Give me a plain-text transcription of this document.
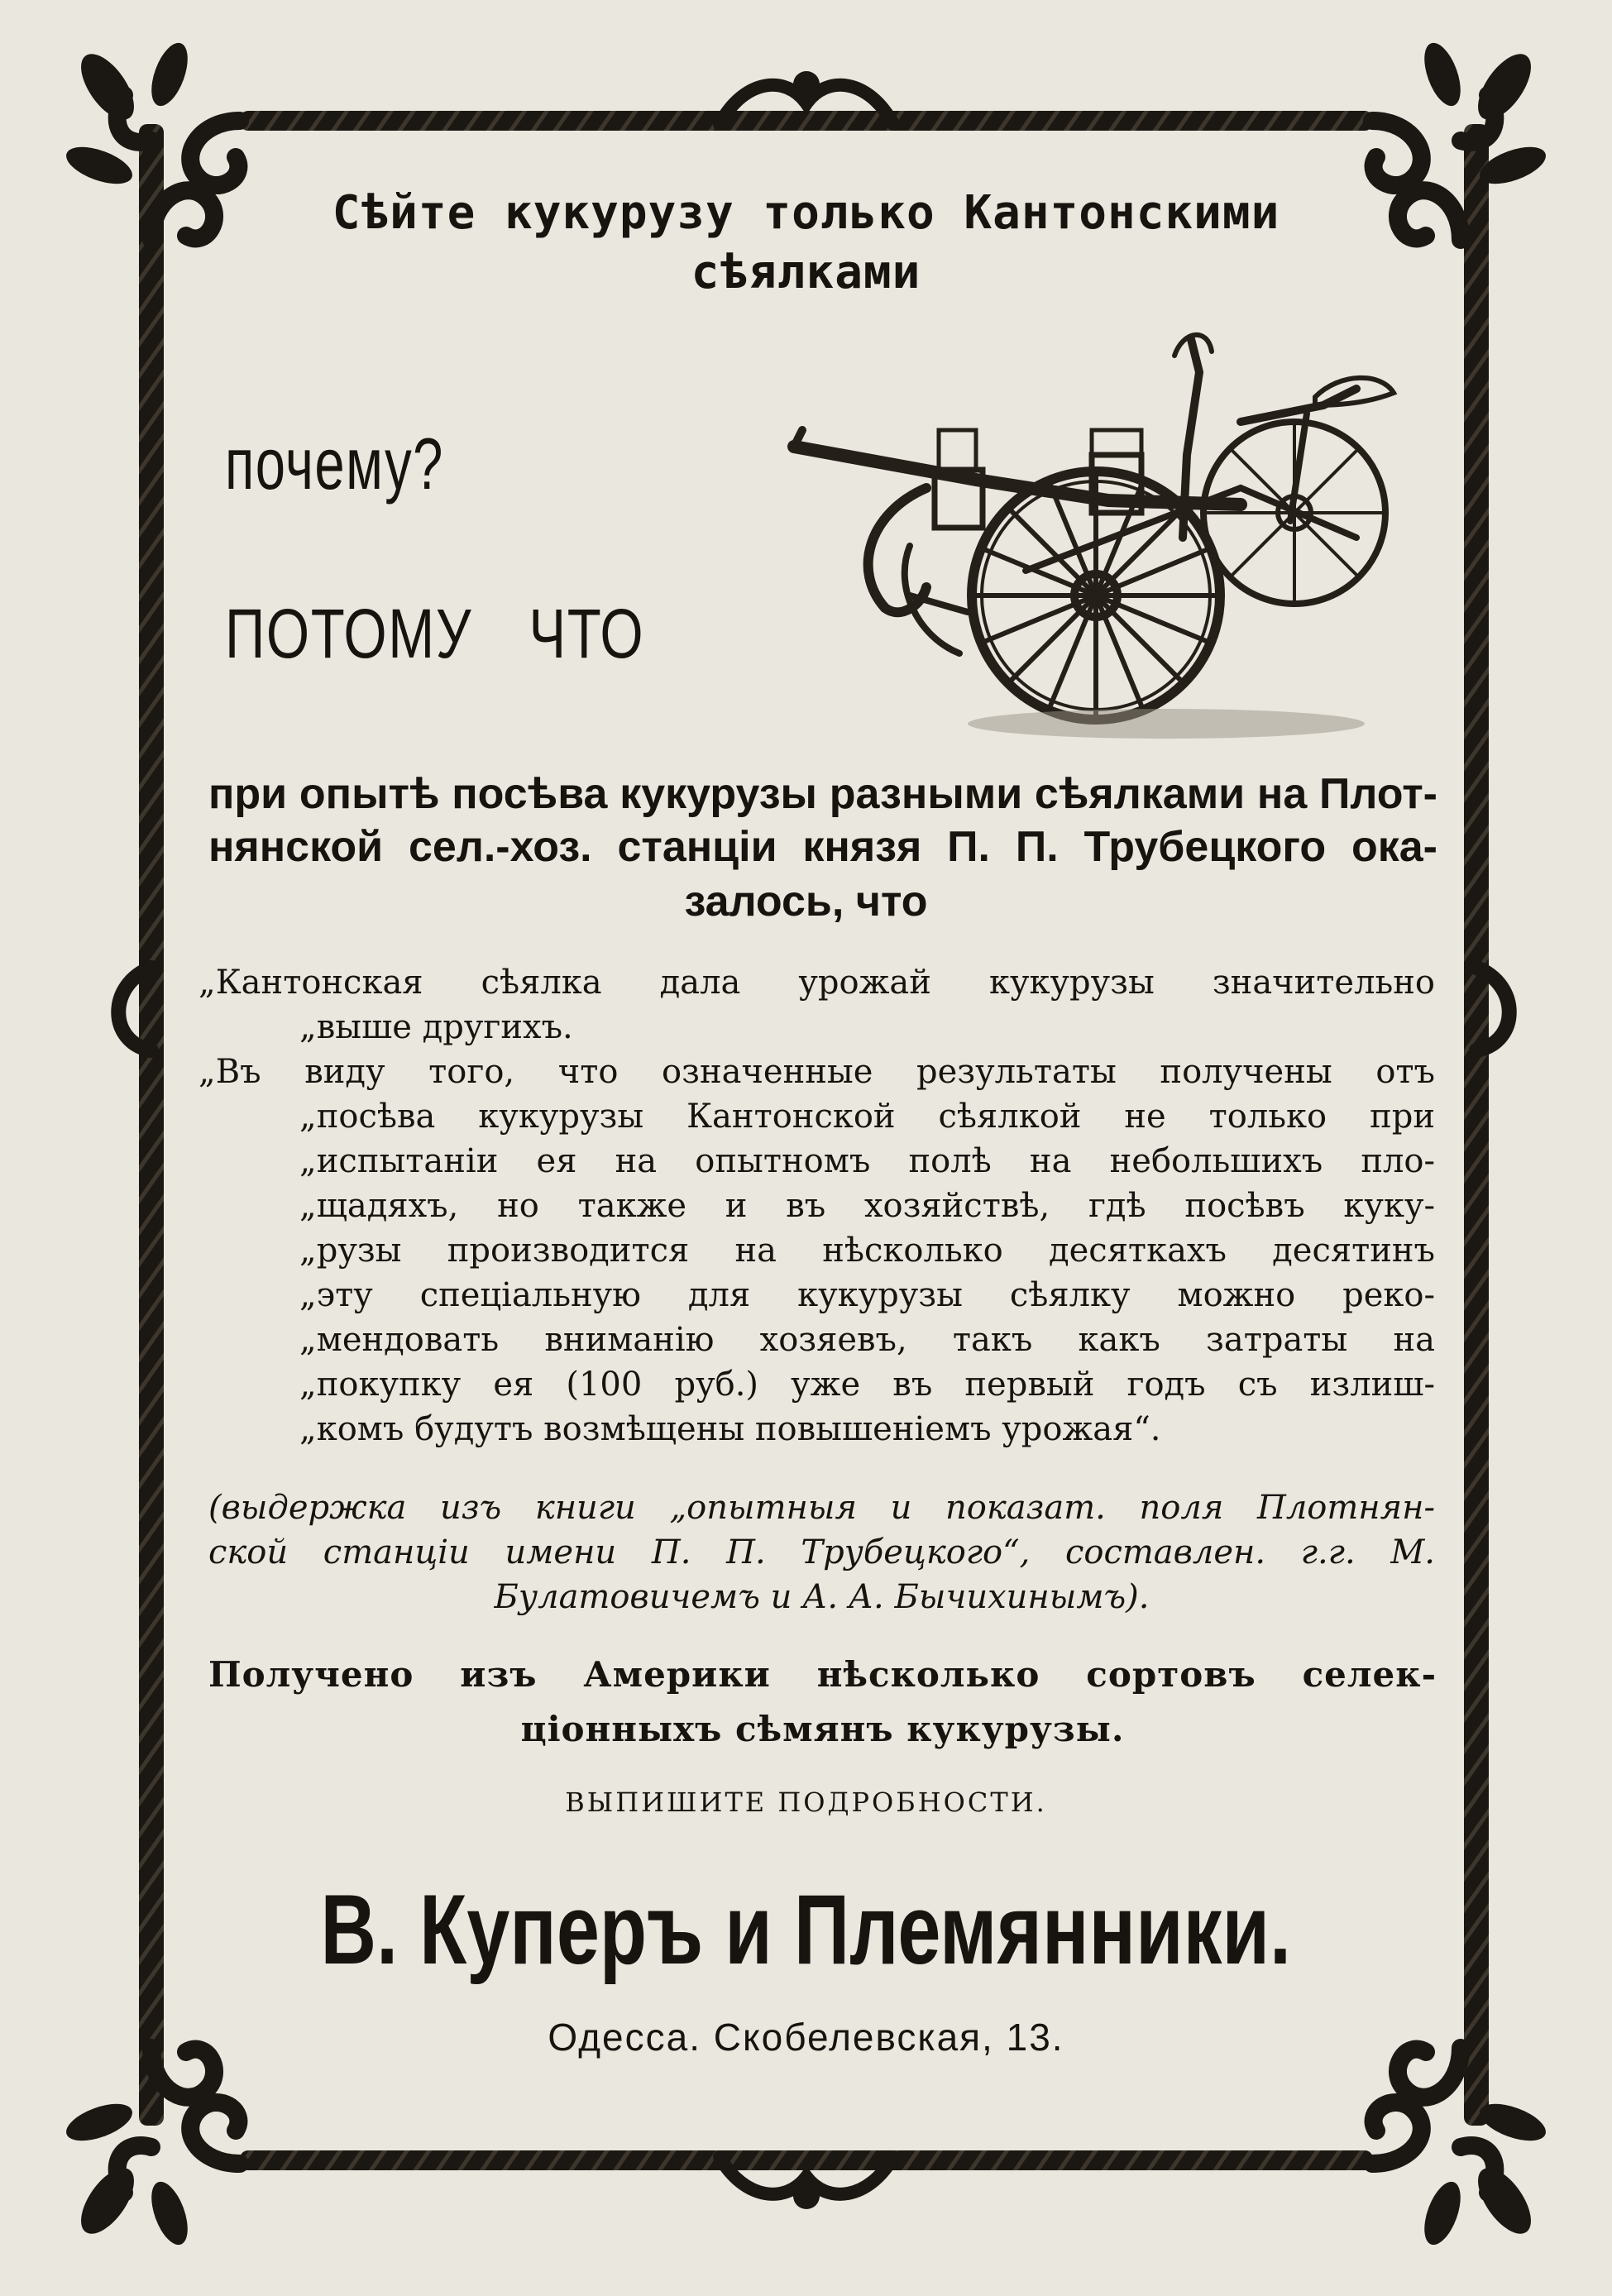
Сѣйте кукурузу только Кантонскими
сѣялками
почему?
ПОТОМУ ЧТО
при опытѣ посѣва кукурузы разными сѣялками на Плот-
нянской сел.-хоз. станціи князя П. П. Трубецкого ока-
залось, что
„Кантонская сѣялка дала урожай кукурузы значительно
„выше другихъ.
„Въ виду того, что означенные результаты получены отъ
„посѣва кукурузы Кантонской сѣялкой не только при
„испытаніи ея на опытномъ полѣ на небольшихъ пло-
„щадяхъ, но также и въ хозяйствѣ, гдѣ посѣвъ куку-
„рузы производится на нѣсколько десяткахъ десятинъ
„эту спеціальную для кукурузы сѣялку можно реко-
„мендовать вниманію хозяевъ, такъ какъ затраты на
„покупку ея (100 руб.) уже въ первый годъ съ излиш-
„комъ будутъ возмѣщены повышеніемъ урожая“.
(выдержка изъ книги „опытныя и показат. поля Плотнян-
ской станціи имени П. П. Трубецкого“, составлен. г.г. М.
Булатовичемъ и А. А. Бычихинымъ).
Получено изъ Америки нѣсколько сортовъ селек-
ціонныхъ сѣмянъ кукурузы.
ВЫПИШИТЕ ПОДРОБНОСТИ.
В. Куперъ и Племянники.
Одесса. Скобелевская, 13.
